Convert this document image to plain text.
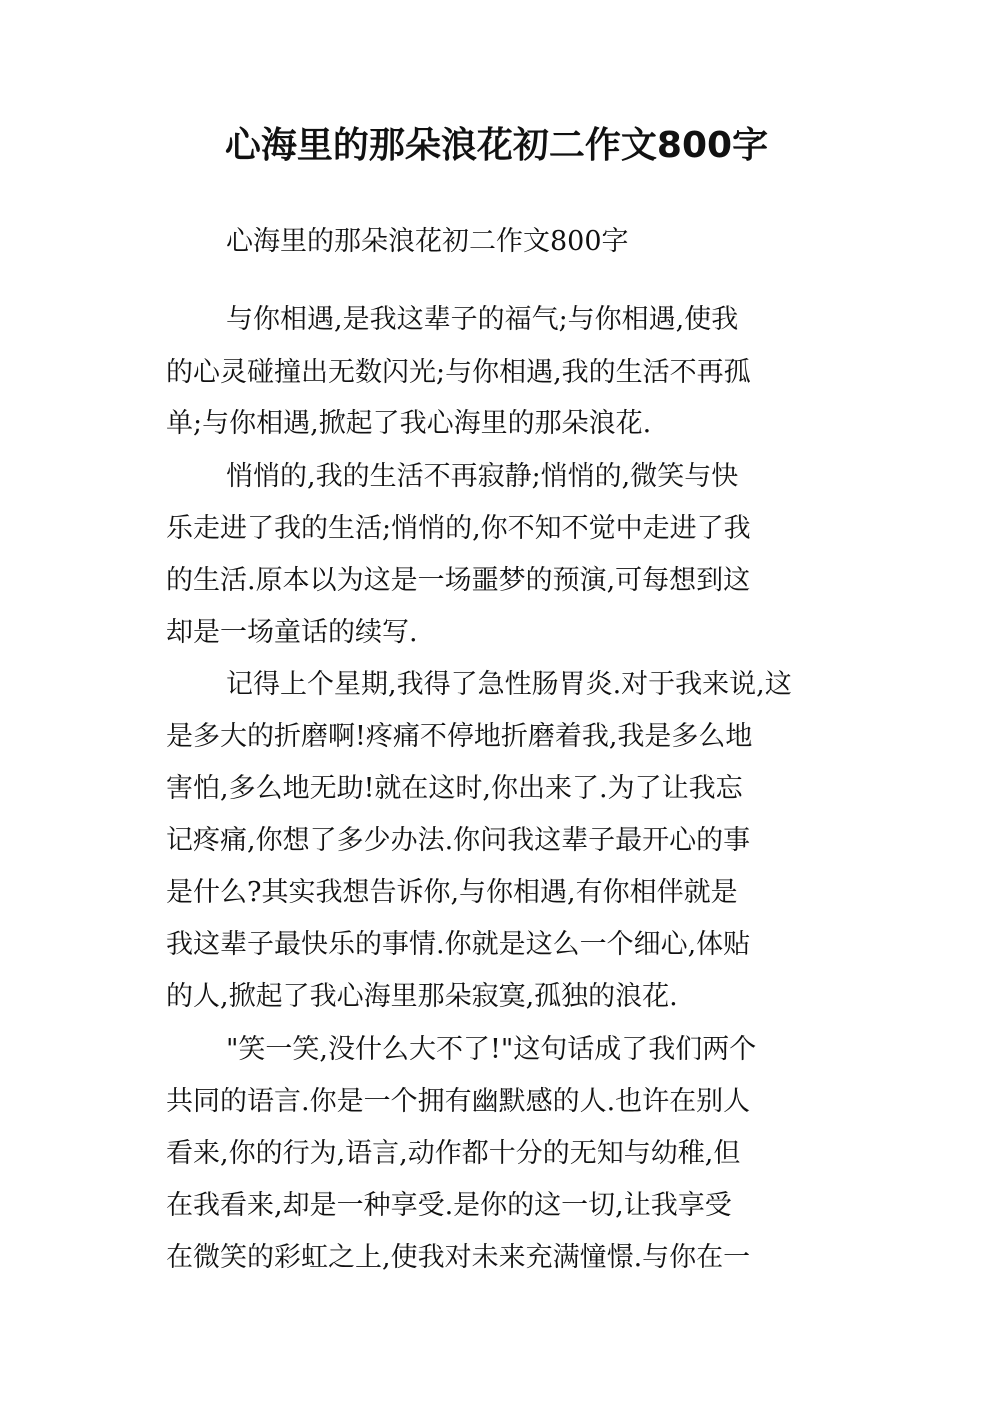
心海里的那朵浪花初二作文800字
心海里的那朵浪花初二作文800字
与你相遇,是我这辈子的福气;与你相遇,使我
的心灵碰撞出无数闪光;与你相遇,我的生活不再孤
单;与你相遇,掀起了我心海里的那朵浪花.
悄悄的,我的生活不再寂静;悄悄的,微笑与快
乐走进了我的生活;悄悄的,你不知不觉中走进了我
的生活.原本以为这是一场噩梦的预演,可每想到这
却是一场童话的续写.
记得上个星期,我得了急性肠胃炎.对于我来说,这
是多大的折磨啊!疼痛不停地折磨着我,我是多么地
害怕,多么地无助!就在这时,你出来了.为了让我忘
记疼痛,你想了多少办法.你问我这辈子最开心的事
是什么?其实我想告诉你,与你相遇,有你相伴就是
我这辈子最快乐的事情.你就是这么一个细心,体贴
的人,掀起了我心海里那朵寂寞,孤独的浪花.
"笑一笑,没什么大不了!"这句话成了我们两个
共同的语言.你是一个拥有幽默感的人.也许在别人
看来,你的行为,语言,动作都十分的无知与幼稚,但
在我看来,却是一种享受.是你的这一切,让我享受
在微笑的彩虹之上,使我对未来充满憧憬.与你在一
